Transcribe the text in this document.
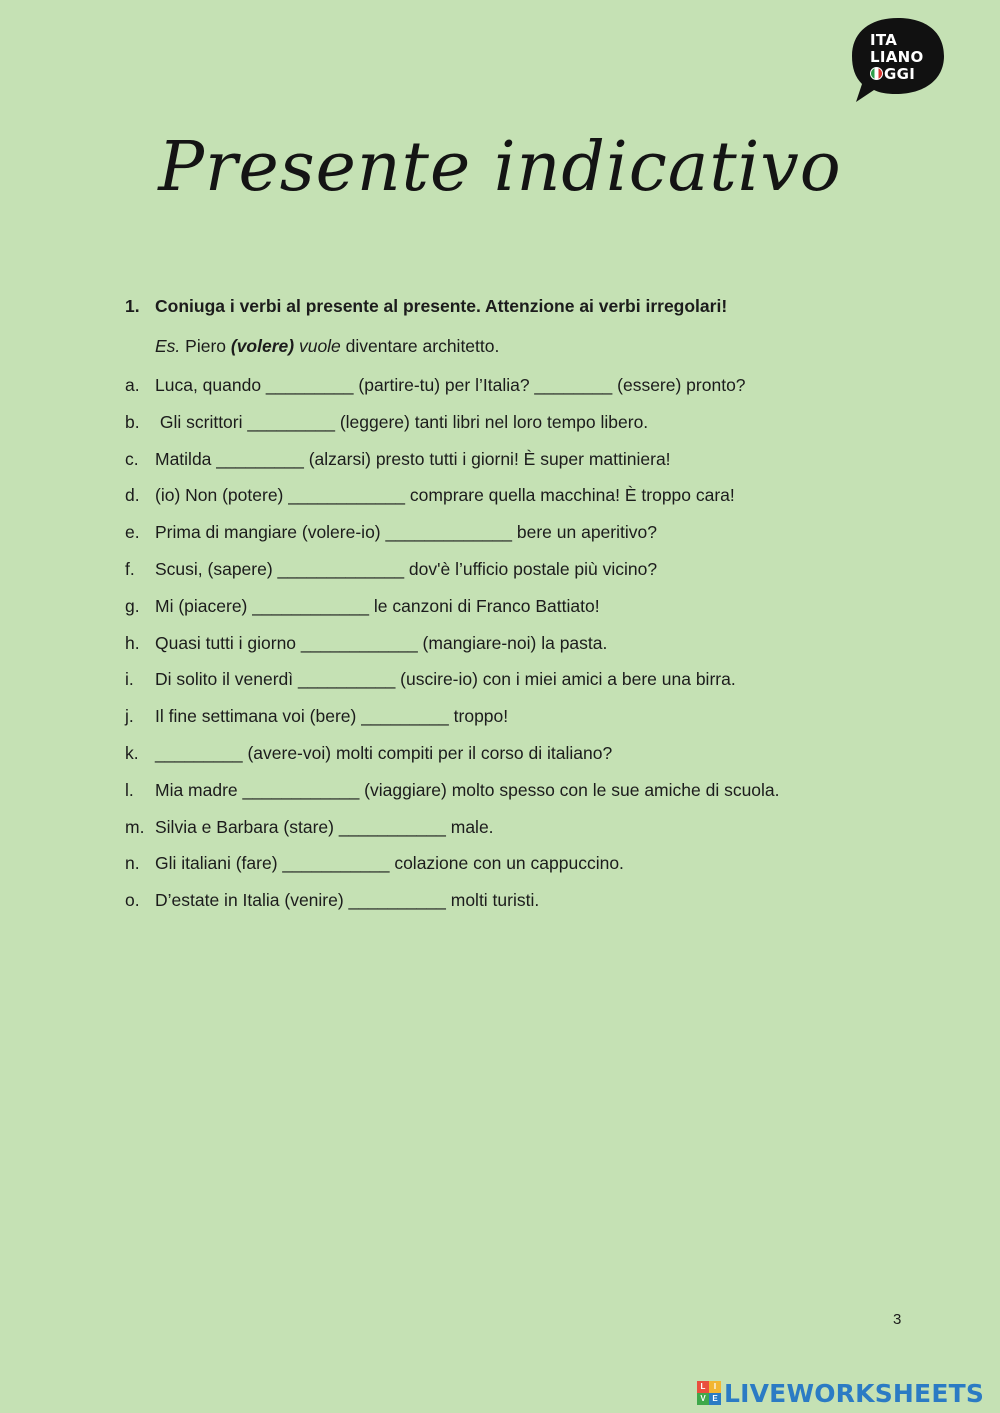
ITA
LIANO
GGI
Presente indicativo
1. Coniuga i verbi al presente al presente. Attenzione ai verbi irregolari!
Es. Piero (volere) vuole diventare architetto.
a. Luca, quando _________ (partire-tu) per l’Italia? ________ (essere) pronto?
b. Gli scrittori _________ (leggere) tanti libri nel loro tempo libero.
c. Matilda _________ (alzarsi) presto tutti i giorni! È super mattiniera!
d. (io) Non (potere) ____________ comprare quella macchina! È troppo cara!
e. Prima di mangiare (volere-io) _____________ bere un aperitivo?
f. Scusi, (sapere) _____________ dov'è l’ufficio postale più vicino?
g. Mi (piacere) ____________ le canzoni di Franco Battiato!
h. Quasi tutti i giorno ____________ (mangiare-noi) la pasta.
i. Di solito il venerdì __________ (uscire-io) con i miei amici a bere una birra.
j. Il fine settimana voi (bere) _________ troppo!
k. _________ (avere-voi) molti compiti per il corso di italiano?
l. Mia madre ____________ (viaggiare) molto spesso con le sue amiche di scuola.
m. Silvia e Barbara (stare) ___________ male.
n. Gli italiani (fare) ___________ colazione con un cappuccino.
o. D’estate in Italia (venire) __________ molti turisti.
3
L	I
V E LIVEWORKSHEETS
